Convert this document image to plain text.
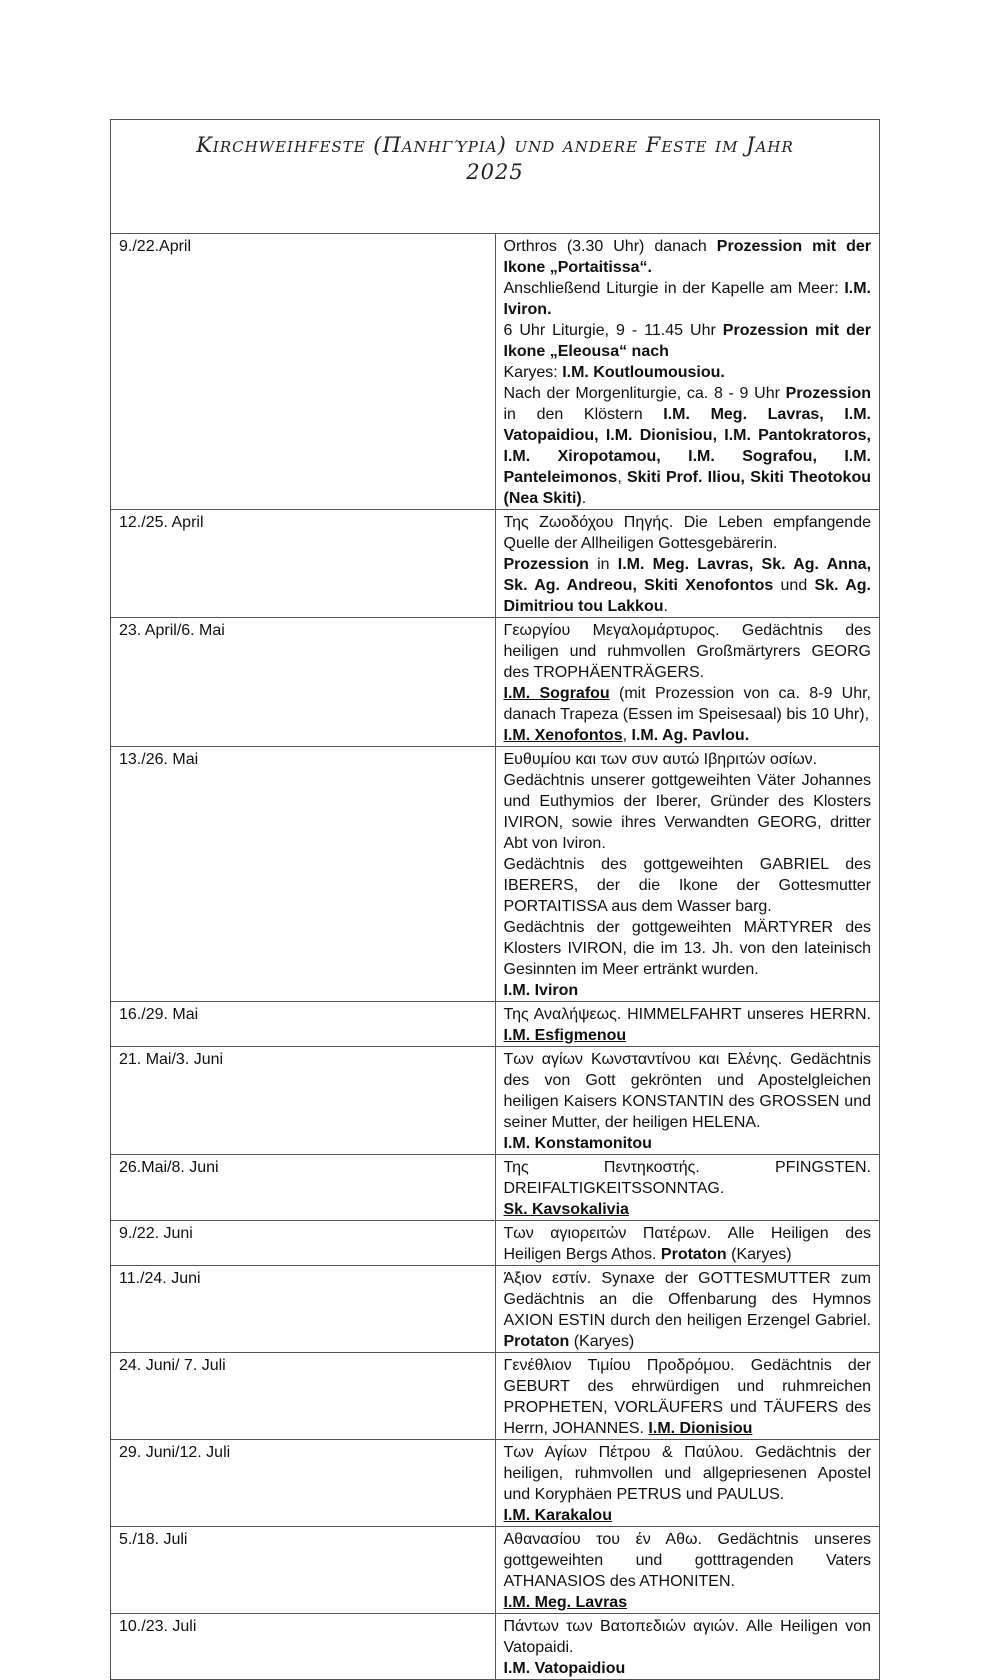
Kirchweihfeste (Πανηγύρια) und andere Feste im Jahr
2025	

9./22.April	Orthros (3.30 Uhr) danach Prozession mit der Ikone „Portaitissa“.
Anschließend Liturgie in der Kapelle am Meer: I.M. Iviron.
6 Uhr Liturgie, 9 - 11.45 Uhr Prozession mit der Ikone „Eleousa“ nach
Karyes: I.M. Koutloumousiou.
Nach der Morgenliturgie, ca. 8 - 9 Uhr Prozession in den Klöstern I.M. Meg. Lavras, I.M. Vatopaidiou, I.M. Dionisiou, I.M. Pantokratoros, I.M. Xiropotamou, I.M. Sografou, I.M. Panteleimonos, Skiti Prof. Iliou, Skiti Theotokou (Nea Skiti).

12./25. April	Της Ζωοδόχου Πηγής. Die Leben empfangende Quelle der Allheiligen Gottesgebärerin.
Prozession in I.M. Meg. Lavras, Sk. Ag. Anna, Sk. Ag. Andreou, Skiti Xenofontos und Sk. Ag. Dimitriou tou Lakkou.

23. April/6. Mai	Γεωργίου Μεγαλομάρτυρος. Gedächtnis des heiligen und ruhmvollen Großmärtyrers GEORG des TROPHÄENTRÄGERS.
I.M. Sografou (mit Prozession von ca. 8-9 Uhr, danach Trapeza (Essen im Speisesaal) bis 10 Uhr),
I.M. Xenofontos, I.M. Ag. Pavlou.

13./26. Mai	Ευθυμίου και των συν αυτώ Ιβηριτών οσίων.
Gedächtnis unserer gottgeweihten Väter Johannes und Euthymios der Iberer, Gründer des Klosters IVIRON, sowie ihres Verwandten GEORG, dritter Abt von Iviron.
Gedächtnis des gottgeweihten GABRIEL des IBERERS, der die Ikone der Gottesmutter PORTAITISSA aus dem Wasser barg.
Gedächtnis der gottgeweihten MÄRTYRER des Klosters IVIRON, die im 13. Jh. von den lateinisch Gesinnten im Meer ertränkt wurden.
I.M. Iviron

16./29. Mai	Της Αναλήψεως. HIMMELFAHRT unseres HERRN. I.M. Esfigmenou

21. Mai/3. Juni	Των αγίων Κωνσταντίνου και Ελένης. Gedächtnis des von Gott gekrönten und Apostelgleichen heiligen Kaisers KONSTANTIN des GROSSEN und seiner Mutter, der heiligen HELENA.
I.M. Konstamonitou

26.Mai/8. Juni	Της Πεντηκοστής. PFINGSTEN. DREIFALTIGKEITSSONNTAG.
Sk. Kavsokalivia

9./22. Juni	Των αγιορειτών Πατέρων. Alle Heiligen des Heiligen Bergs Athos. Protaton (Karyes)

11./24. Juni	Άξιον εστίν. Synaxe der GOTTESMUTTER zum Gedächtnis an die Offenbarung des Hymnos AXION ESTIN durch den heiligen Erzengel Gabriel. Protaton (Karyes)

24. Juni/ 7. Juli	Γενέθλιον Τιμίου Προδρόμου. Gedächtnis der GEBURT des ehrwürdigen und ruhmreichen PROPHETEN, VORLÄUFERS und TÄUFERS des Herrn, JOHANNES. I.M. Dionisiou

29. Juni/12. Juli	Των Αγίων Πέτρου & Παύλου. Gedächtnis der heiligen, ruhmvollen und allgepriesenen Apostel und Koryphäen PETRUS und PAULUS.
I.M. Karakalou

5./18. Juli	Αθανασίου του έν Αθω. Gedächtnis unseres gottgeweihten und gotttragenden Vaters ATHANASIOS des ATHONITEN.
I.M. Meg. Lavras

10./23. Juli	Πάντων των Βατοπεδιών αγιών. Alle Heiligen von Vatopaidi.
I.M. Vatopaidiou
